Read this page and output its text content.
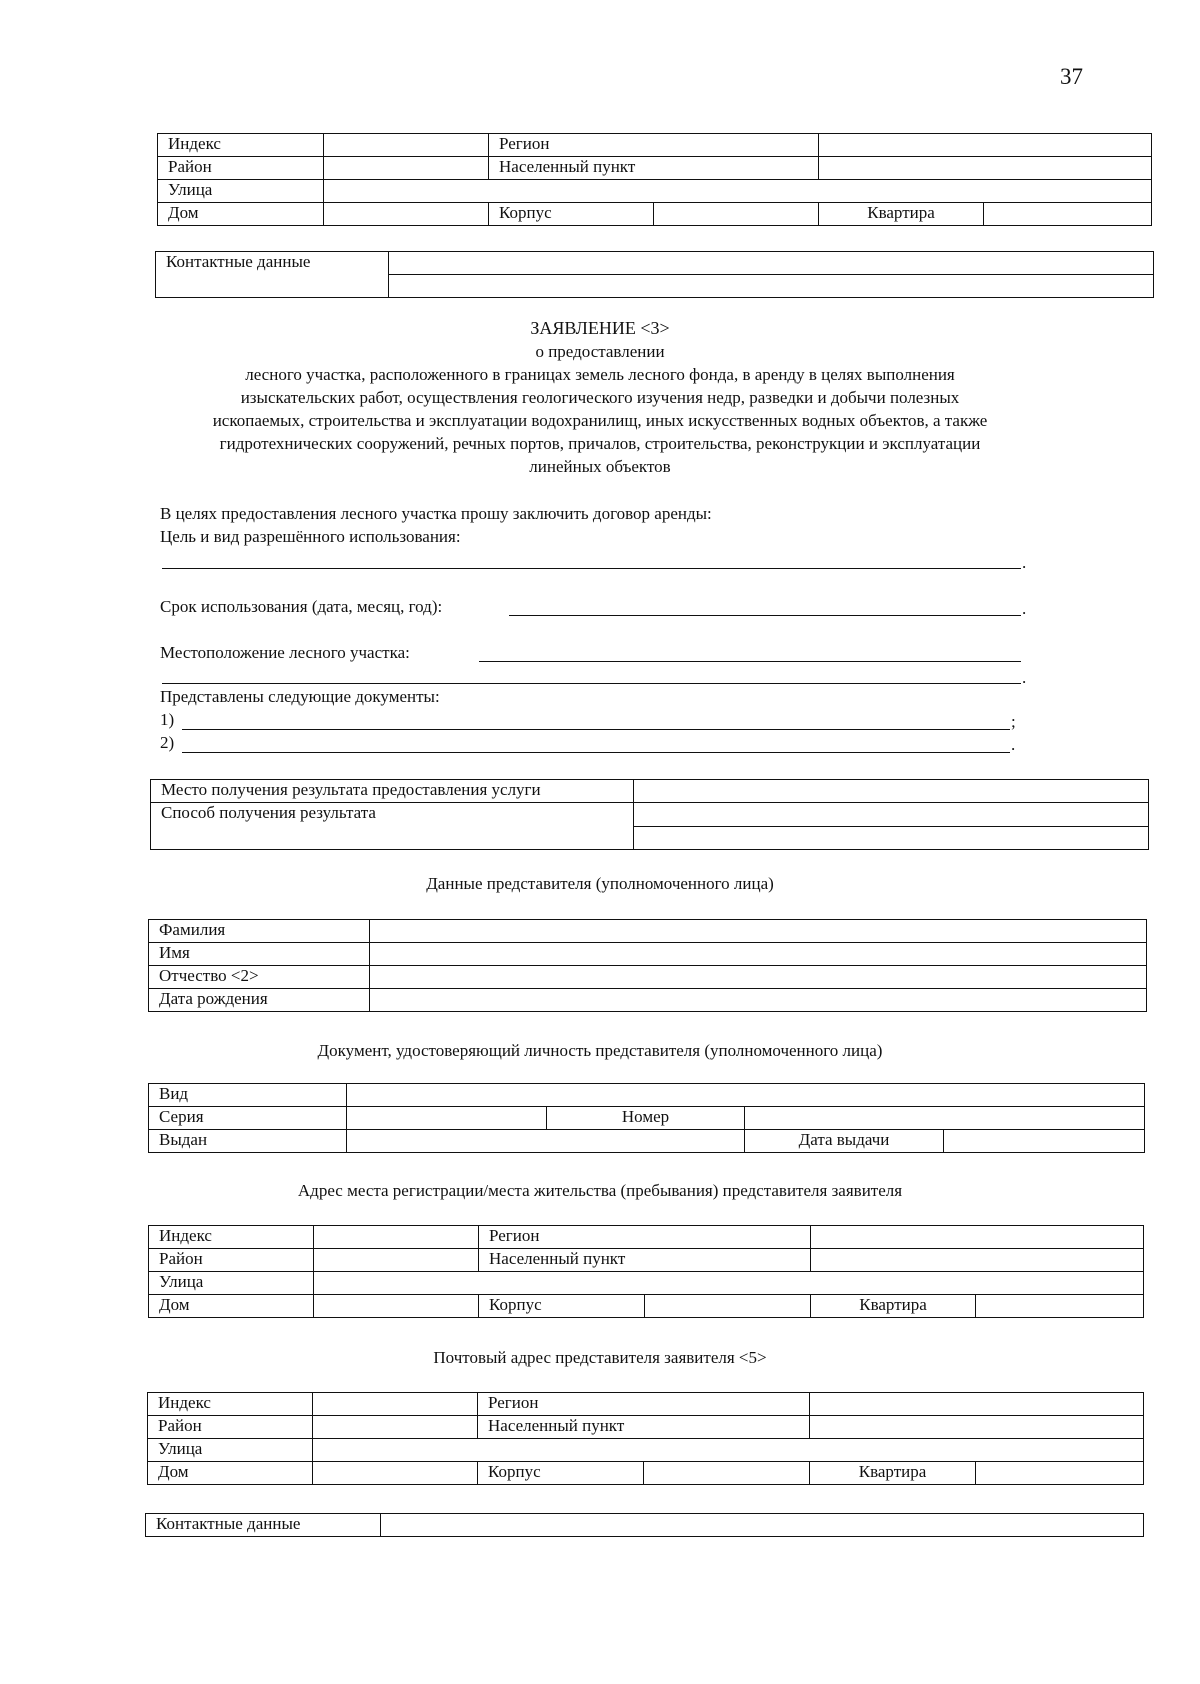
37
Индекс		Регион			
Район		Населенный пункт			
Улица					
Дом		Корпус		Квартира	
Контактные данные	

ЗАЯВЛЕНИЕ <3>
о предоставлении
лесного участка, расположенного в границах земель лесного фонда, в аренду в целях выполнения
изыскательских работ, осуществления геологического изучения недр, разведки и добычи полезных
ископаемых, строительства и эксплуатации водохранилищ, иных искусственных водных объектов, а также
гидротехнических сооружений, речных портов, причалов, строительства, реконструкции и эксплуатации
линейных объектов
В целях предоставления лесного участка прошу заключить договор аренды:
Цель и вид разрешённого использования:
.
Срок использования (дата, месяц, год):	.
Местоположение лесного участка:
.
Представлены следующие документы:
1)	;
2)	.
Место получения результата предоставления услуги	
Способ получения результата	

Данные представителя (уполномоченного лица)
Фамилия	
Имя	
Отчество <2>	
Дата рождения	
Документ, удостоверяющий личность представителя (уполномоченного лица)
Вид				
Серия		Номер		
Выдан			Дата выдачи	
Адрес места регистрации/места жительства (пребывания) представителя заявителя
Индекс		Регион			
Район		Населенный пункт			
Улица					
Дом		Корпус		Квартира	
Почтовый адрес представителя заявителя <5>
Индекс		Регион			
Район		Населенный пункт			
Улица					
Дом		Корпус		Квартира	
Контактные данные	
